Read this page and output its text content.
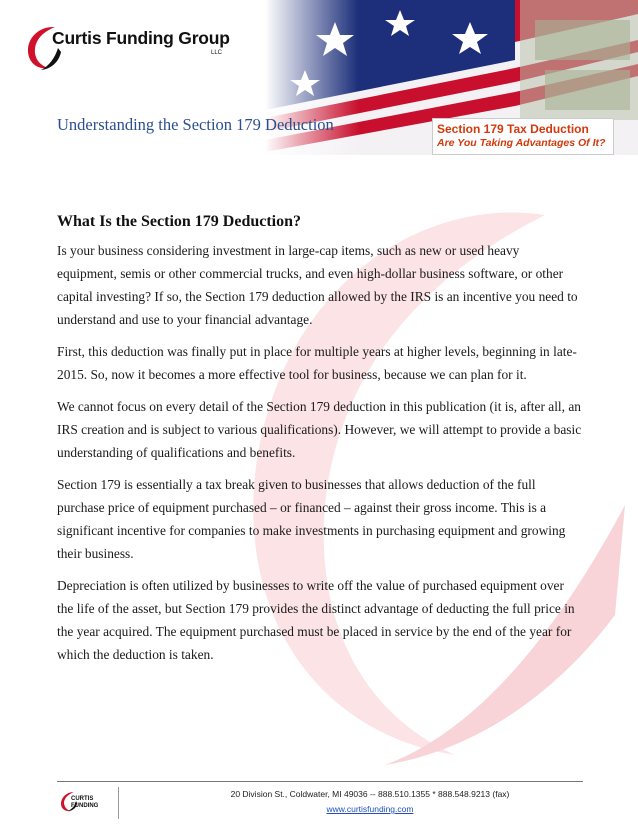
Curtis Funding Group
LLC
Section 179 Tax Deduction
Are You Taking Advantages Of It?
Understanding the Section 179 Deduction
What Is the Section 179 Deduction?

Is your business considering investment in large-cap items, such as new or used heavy equipment, semis or other commercial trucks, and even high-dollar business software, or other capital investing? If so, the Section 179 deduction allowed by the IRS is an incentive you need to understand and use to your financial advantage.

First, this deduction was finally put in place for multiple years at higher levels, beginning in late-2015. So, now it becomes a more effective tool for business, because we can plan for it.

We cannot focus on every detail of the Section 179 deduction in this publication (it is, after all, an IRS creation and is subject to various qualifications). However, we will attempt to provide a basic understanding of qualifications and benefits.

Section 179 is essentially a tax break given to businesses that allows deduction of the full purchase price of equipment purchased – or financed – against their gross income. This is a significant incentive for companies to make investments in purchasing equipment and growing their business.

Depreciation is often utilized by businesses to write off the value of purchased equipment over the life of the asset, but Section 179 provides the distinct advantage of deducting the full price in the year acquired. The equipment purchased must be placed in service by the end of the year for which the deduction is taken.

CURTIS
FUNDING
20 Division St., Coldwater, MI 49036 -- 888.510.1355 * 888.548.9213 (fax)
www.curtisfunding.com
